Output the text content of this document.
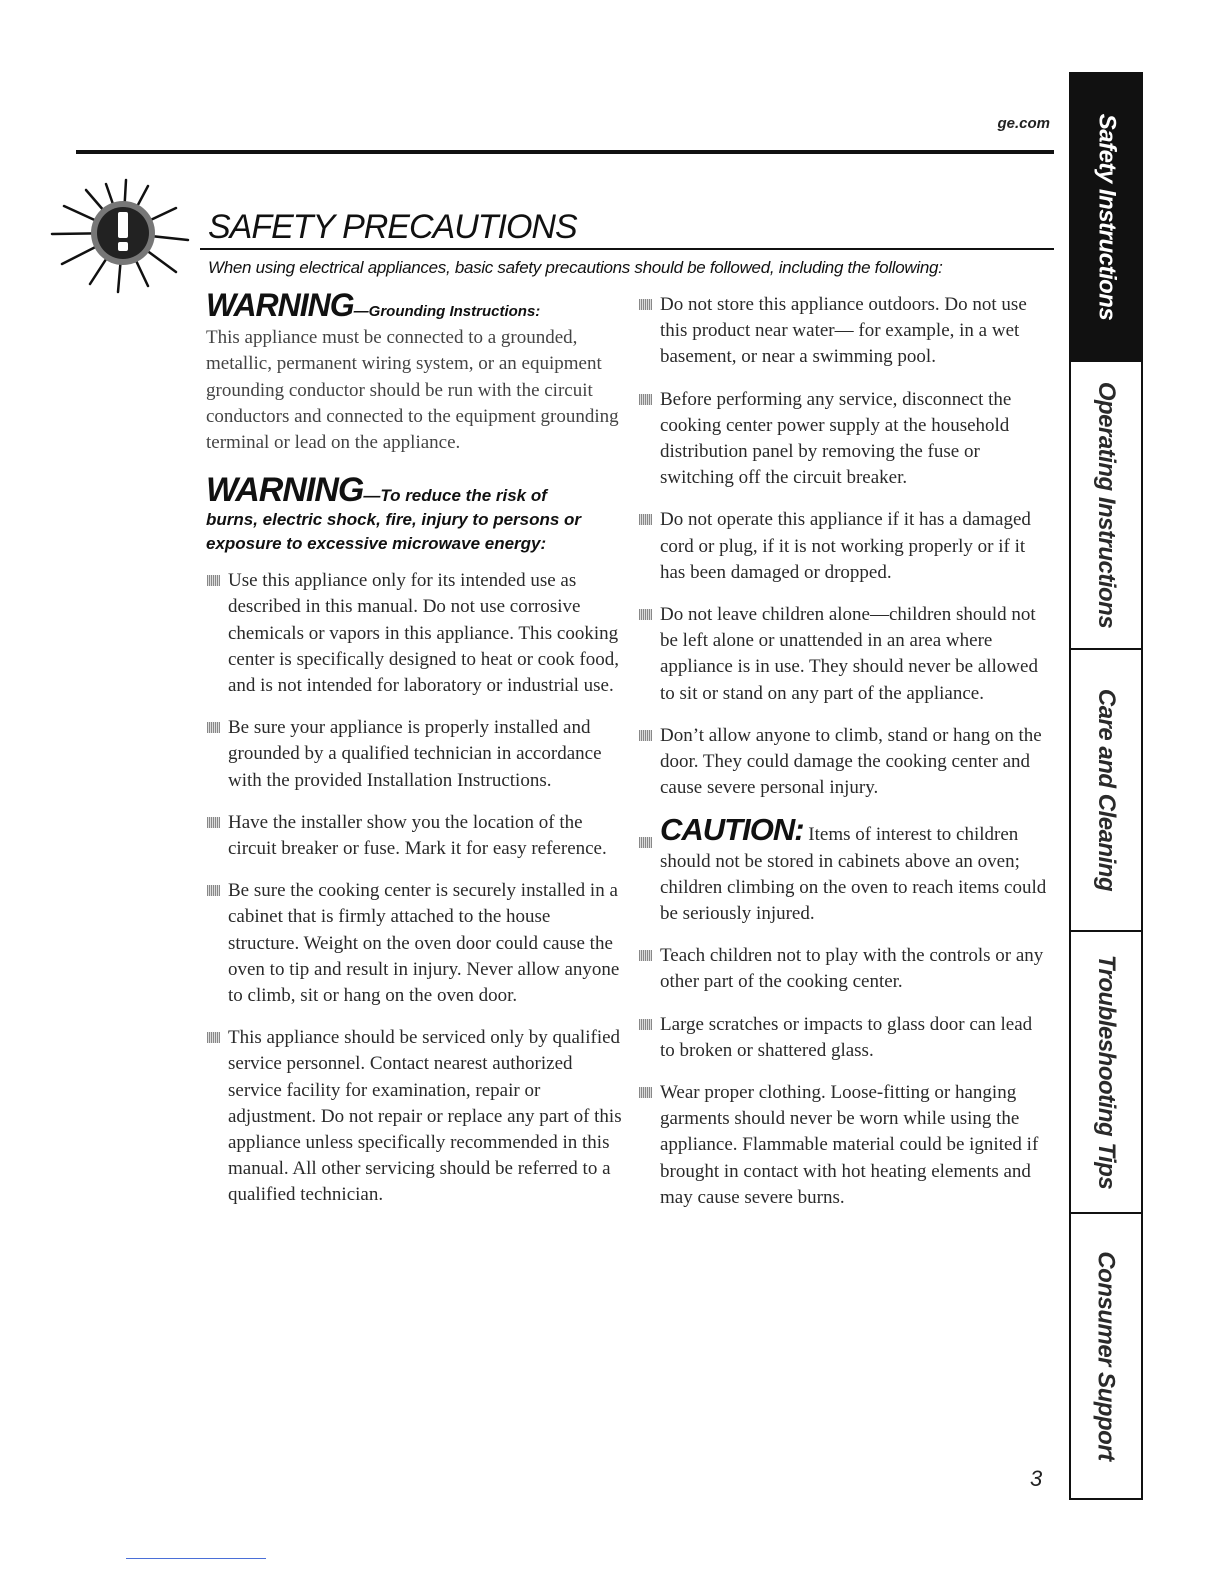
ge.com
SAFETY PRECAUTIONS
When using electrical appliances, basic safety precautions should be followed, including the following:
WARNING—Grounding Instructions:

This appliance must be connected to a grounded, metallic, permanent wiring system, or an equipment grounding conductor should be run with the circuit conductors and connected to the equipment grounding terminal or lead on the appliance.

WARNING—To reduce the risk of
burns, electric shock, fire, injury to persons or exposure to excessive microwave energy:
Use this appliance only for its intended use as described in this manual. Do not use corrosive chemicals or vapors in this appliance. This cooking center is specifically designed to heat or cook food, and is not intended for laboratory or industrial use.
Be sure your appliance is properly installed and grounded by a qualified technician in accordance with the provided Installation Instructions.
Have the installer show you the location of the circuit breaker or fuse. Mark it for easy reference.
Be sure the cooking center is securely installed in a cabinet that is firmly attached to the house structure. Weight on the oven door could cause the oven to tip and result in injury. Never allow anyone to climb, sit or hang on the oven door.
This appliance should be serviced only by qualified service personnel. Contact nearest authorized service facility for examination, repair or adjustment. Do not repair or replace any part of this appliance unless specifically recommended in this manual. All other servicing should be referred to a qualified technician.
Do not store this appliance outdoors. Do not use this product near water— for example, in a wet basement, or near a swimming pool.
Before performing any service, disconnect the cooking center power supply at the household distribution panel by removing the fuse or switching off the circuit breaker.
Do not operate this appliance if it has a damaged cord or plug, if it is not working properly or if it has been damaged or dropped.
Do not leave children alone—children should not be left alone or unattended in an area where appliance is in use. They should never be allowed to sit or stand on any part of the appliance.
Don’t allow anyone to climb, stand or hang on the door. They could damage the cooking center and cause severe personal injury.
CAUTION: Items of interest to children should not be stored in cabinets above an oven; children climbing on the oven to reach items could be seriously injured.
Teach children not to play with the controls or any other part of the cooking center.
Large scratches or impacts to glass door can lead to broken or shattered glass.
Wear proper clothing. Loose-fitting or hanging garments should never be worn while using the appliance. Flammable material could be ignited if brought in contact with hot heating elements and may cause severe burns.
Safety Instructions
Operating Instructions
Care and Cleaning
Troubleshooting Tips
Consumer Support
3
